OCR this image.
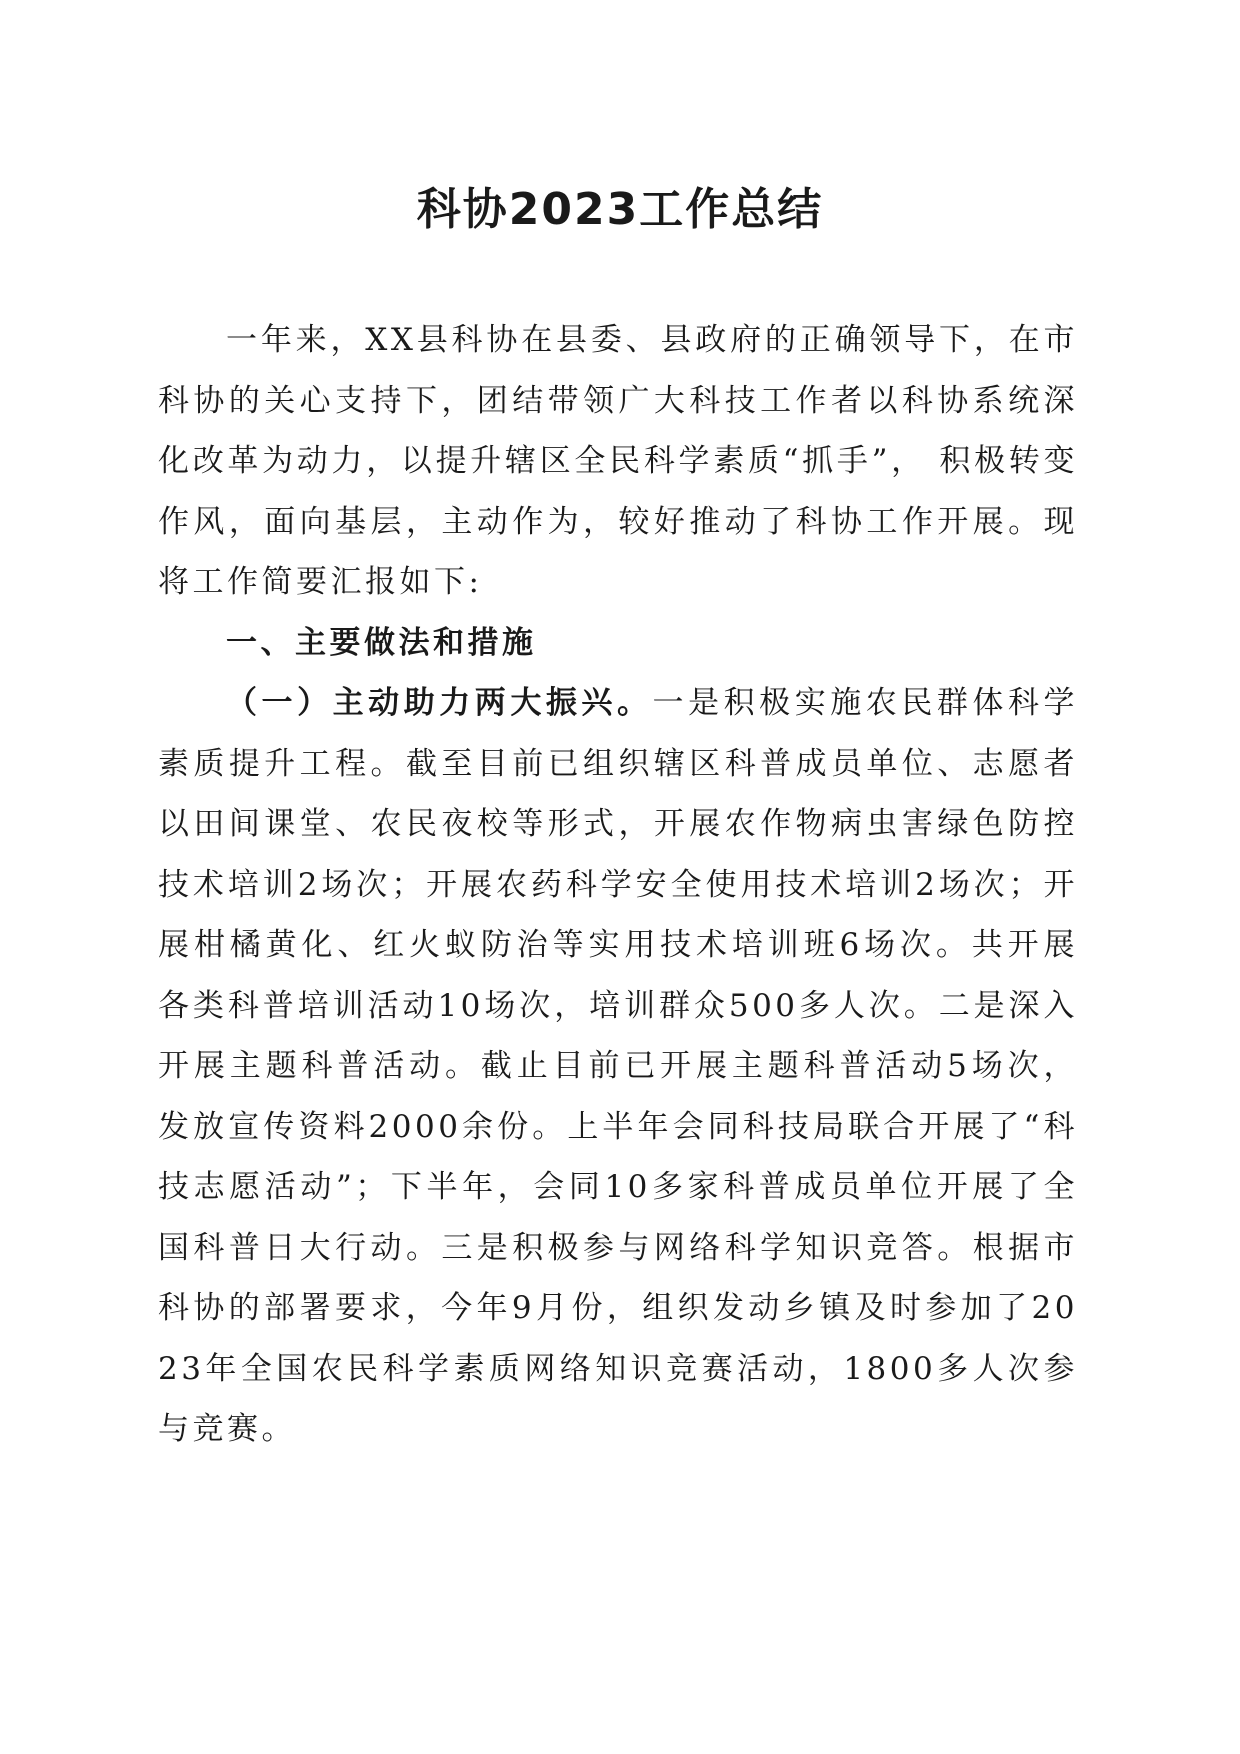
科协2023工作总结

一年来，XX县科协在县委、县政府的正确领导下，在市科协的关心支持下，团结带领广大科技工作者以科协系统深化改革为动力，以提升辖区全民科学素质“抓手”， 积极转变作风，面向基层，主动作为，较好推动了科协工作开展。现将工作简要汇报如下:

一、主要做法和措施

（一）主动助力两大振兴。一是积极实施农民群体科学素质提升工程。截至目前已组织辖区科普成员单位、志愿者以田间课堂、农民夜校等形式，开展农作物病虫害绿色防控技术培训2场次；开展农药科学安全使用技术培训2场次；开展柑橘黄化、红火蚁防治等实用技术培训班6场次。共开展各类科普培训活动10场次，培训群众500多人次。二是深入开展主题科普活动。截止目前已开展主题科普活动5场次，发放宣传资料2000余份。上半年会同科技局联合开展了“科技志愿活动”；下半年，会同10多家科普成员单位开展了全国科普日大行动。三是积极参与网络科学知识竞答。根据市科协的部署要求，今年9月份，组织发动乡镇及时参加了2023年全国农民科学素质网络知识竞赛活动，1800多人次参与竞赛。
